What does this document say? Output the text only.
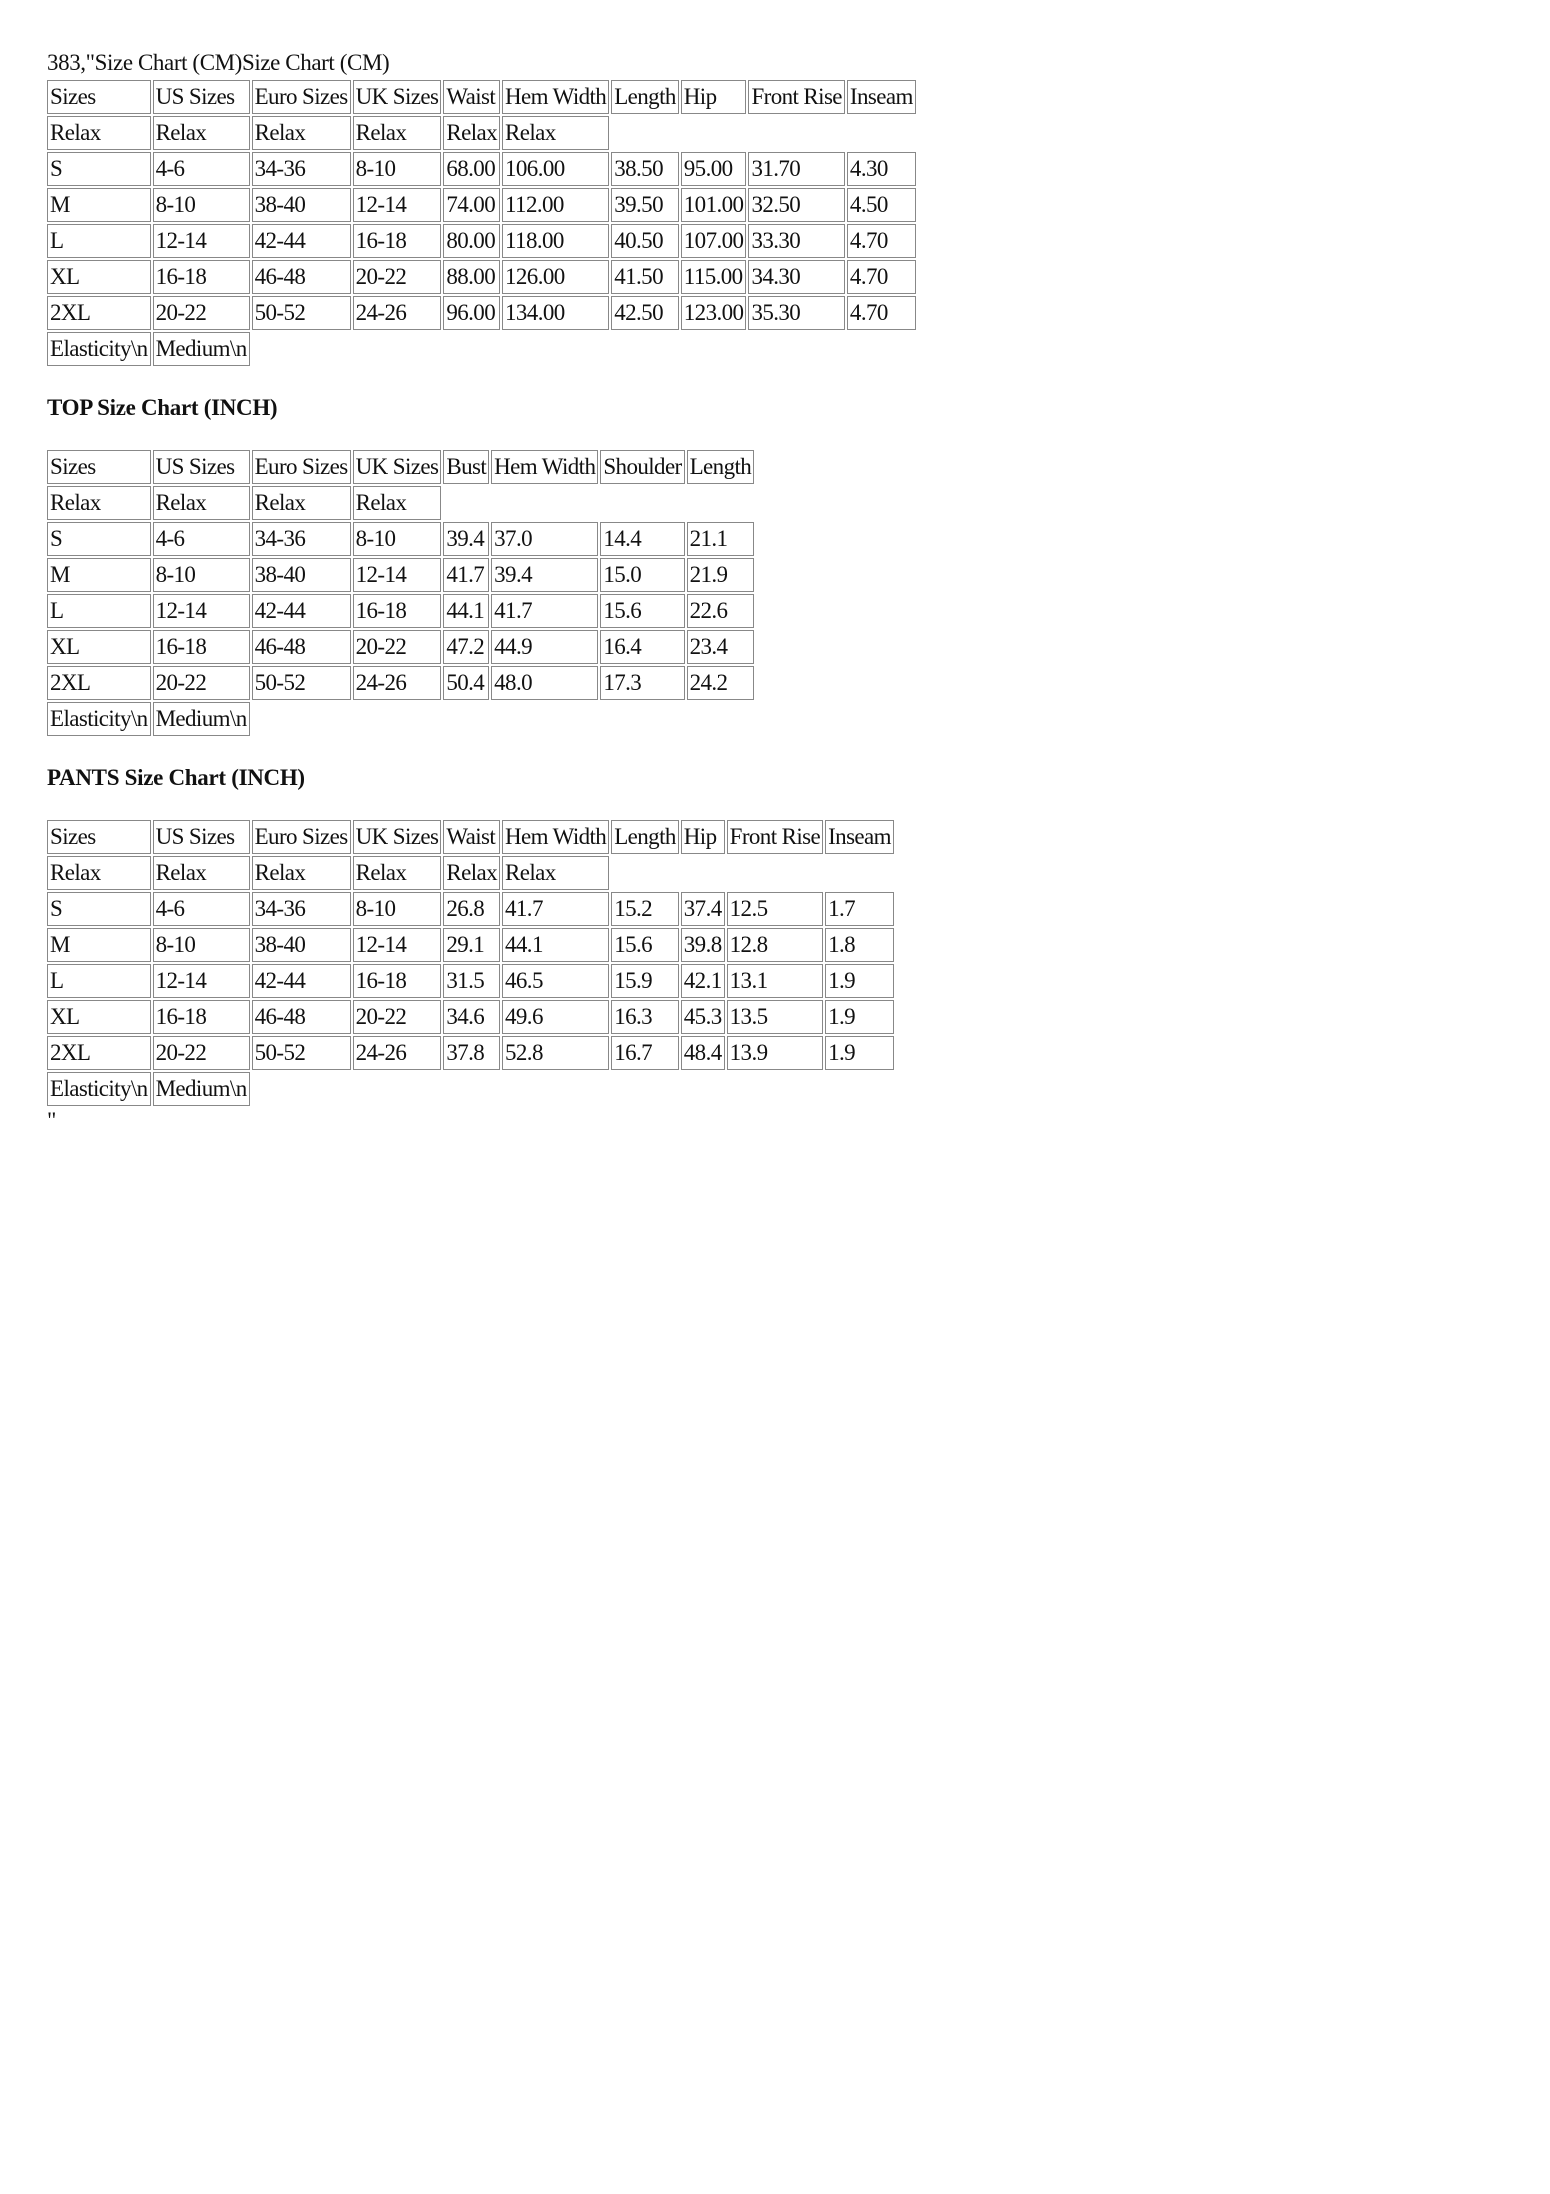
383,"Size Chart (CM)Size Chart (CM)
Sizes	US Sizes	Euro Sizes	UK Sizes	Waist	Hem Width	Length	Hip	Front Rise	Inseam
Relax	Relax	Relax	Relax	Relax	Relax				
S	4-6	34-36	8-10	68.00	106.00	38.50	95.00	31.70	4.30
M	8-10	38-40	12-14	74.00	112.00	39.50	101.00	32.50	4.50
L	12-14	42-44	16-18	80.00	118.00	40.50	107.00	33.30	4.70
XL	16-18	46-48	20-22	88.00	126.00	41.50	115.00	34.30	4.70
2XL	20-22	50-52	24-26	96.00	134.00	42.50	123.00	35.30	4.70
Elasticity\n	Medium\n								
TOP Size Chart (INCH)
Sizes	US Sizes	Euro Sizes	UK Sizes	Bust	Hem Width	Shoulder	Length
Relax	Relax	Relax	Relax				
S	4-6	34-36	8-10	39.4	37.0	14.4	21.1
M	8-10	38-40	12-14	41.7	39.4	15.0	21.9
L	12-14	42-44	16-18	44.1	41.7	15.6	22.6
XL	16-18	46-48	20-22	47.2	44.9	16.4	23.4
2XL	20-22	50-52	24-26	50.4	48.0	17.3	24.2
Elasticity\n	Medium\n						
PANTS Size Chart (INCH)
Sizes	US Sizes	Euro Sizes	UK Sizes	Waist	Hem Width	Length	Hip	Front Rise	Inseam
Relax	Relax	Relax	Relax	Relax	Relax				
S	4-6	34-36	8-10	26.8	41.7	15.2	37.4	12.5	1.7
M	8-10	38-40	12-14	29.1	44.1	15.6	39.8	12.8	1.8
L	12-14	42-44	16-18	31.5	46.5	15.9	42.1	13.1	1.9
XL	16-18	46-48	20-22	34.6	49.6	16.3	45.3	13.5	1.9
2XL	20-22	50-52	24-26	37.8	52.8	16.7	48.4	13.9	1.9
Elasticity\n	Medium\n								
"
